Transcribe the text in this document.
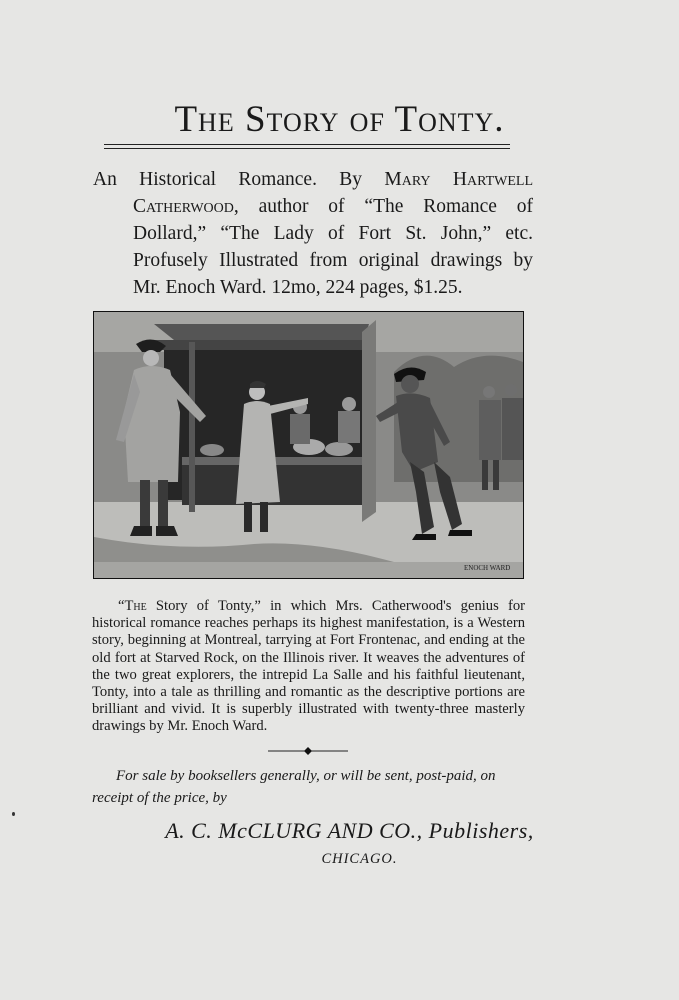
The Story of Tonty.

An Historical Romance. By Mary Hartwell Catherwood, author of “The Romance of Dollard,” “The Lady of Fort St. John,” etc. Profusely Illustrated from original drawings by Mr. Enoch Ward. 12mo, 224 pages, $1.25.

ENOCH WARD

“The Story of Tonty,” in which Mrs. Catherwood's genius for historical romance reaches perhaps its highest manifestation, is a Western story, beginning at Montreal, tarrying at Fort Frontenac, and ending at the old fort at Starved Rock, on the Illinois river. It weaves the adventures of the two great explorers, the intrepid La Salle and his faithful lieutenant, Tonty, into a tale as thrilling and romantic as the descriptive portions are brilliant and vivid. It is superbly illustrated with twenty-three masterly drawings by Mr. Enoch Ward.

For sale by booksellers generally, or will be sent, post-paid, on receipt of the price, by

A. C. McCLURG AND CO., Publishers,
CHICAGO.
